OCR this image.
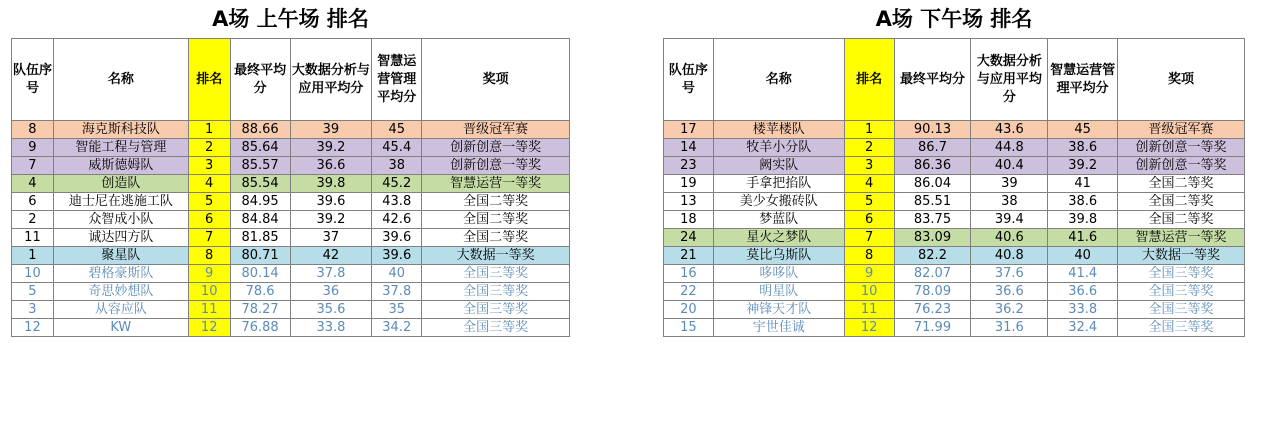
A场 上午场 排名
队伍序号	名称	排名	最终平均分	大数据分析与应用平均分	智慧运营管理平均分	奖项
8	海克斯科技队	1	88.66	39	45	晋级冠军赛
9	智能工程与管理	2	85.64	39.2	45.4	创新创意一等奖
7	威斯德姆队	3	85.57	36.6	38	创新创意一等奖
4	创造队	4	85.54	39.8	45.2	智慧运营一等奖
6	迪士尼在逃施工队	5	84.95	39.6	43.8	全国二等奖
2	众智成小队	6	84.84	39.2	42.6	全国二等奖
11	诚达四方队	7	81.85	37	39.6	全国二等奖
1	聚星队	8	80.71	42	39.6	大数据一等奖
10	碧格豪斯队	9	80.14	37.8	40	全国三等奖
5	奇思妙想队	10	78.6	36	37.8	全国三等奖
3	从容应队	11	78.27	35.6	35	全国三等奖
12	KW	12	76.88	33.8	34.2	全国三等奖
A场 下午场 排名
队伍序号	名称	排名	最终平均分	大数据分析与应用平均分	智慧运营管理平均分	奖项
17	楼苹楼队	1	90.13	43.6	45	晋级冠军赛
14	牧羊小分队	2	86.7	44.8	38.6	创新创意一等奖
23	阙实队	3	86.36	40.4	39.2	创新创意一等奖
19	手拿把掐队	4	86.04	39	41	全国二等奖
13	美少女搬砖队	5	85.51	38	38.6	全国二等奖
18	梦蓝队	6	83.75	39.4	39.8	全国二等奖
24	星火之梦队	7	83.09	40.6	41.6	智慧运营一等奖
21	莫比乌斯队	8	82.2	40.8	40	大数据一等奖
16	哆哆队	9	82.07	37.6	41.4	全国三等奖
22	明星队	10	78.09	36.6	36.6	全国三等奖
20	神锋天才队	11	76.23	36.2	33.8	全国三等奖
15	宇世佳诚	12	71.99	31.6	32.4	全国三等奖
